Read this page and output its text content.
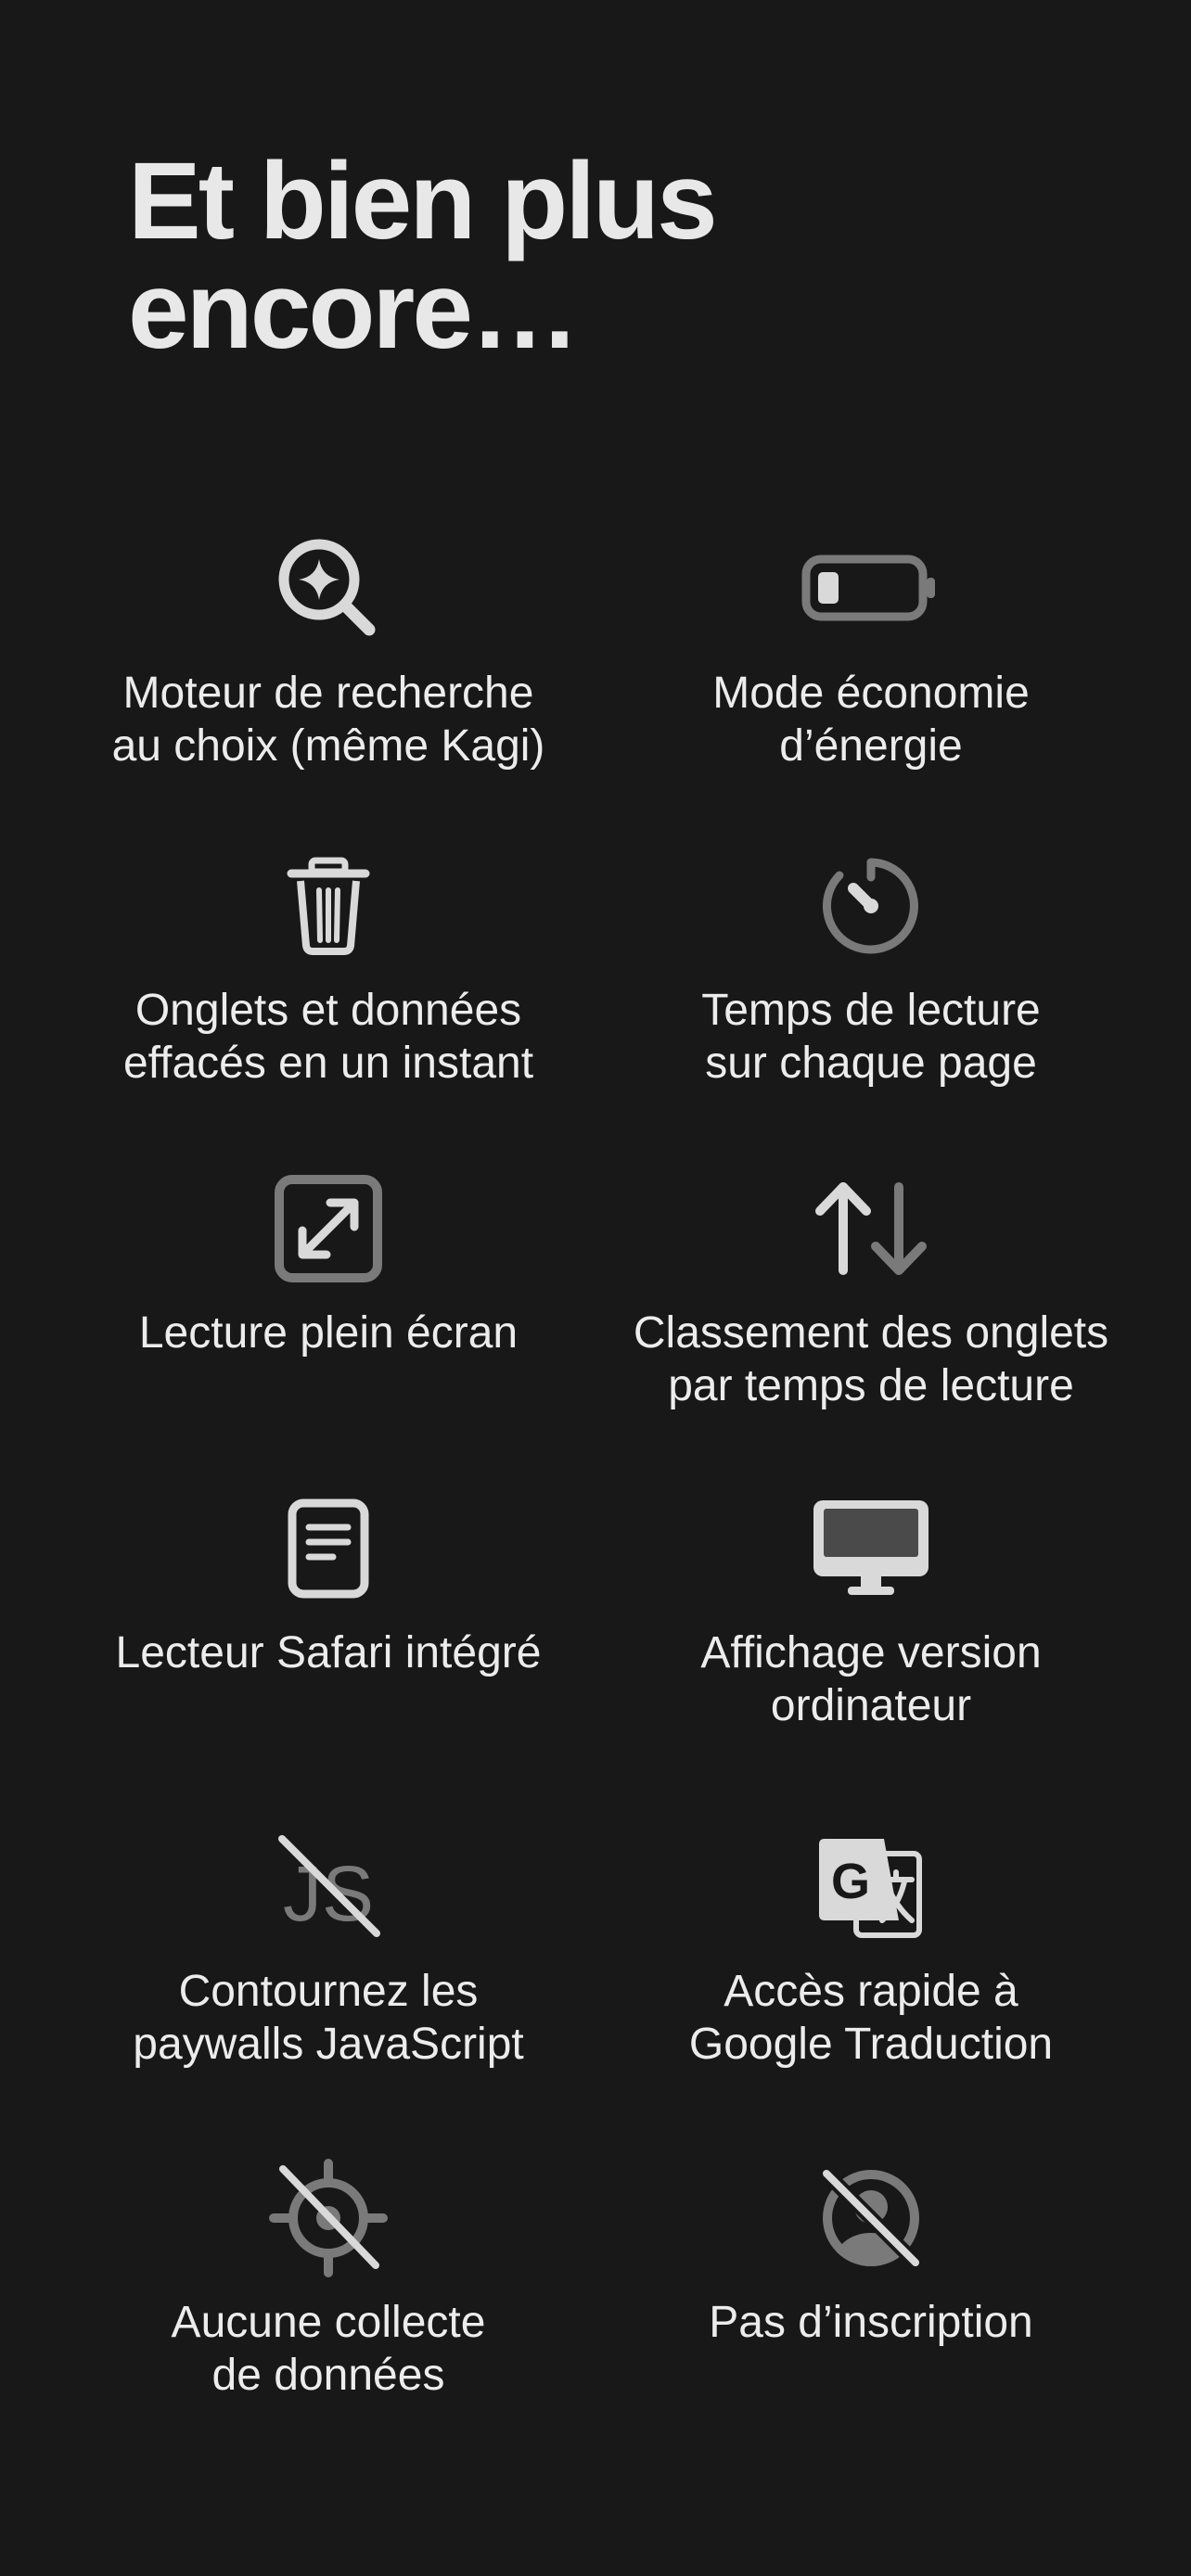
Et bien plus
encore…
Moteur de recherche
au choix (même Kagi)
Mode économie
d’énergie
Onglets et données
effacés en un instant
Temps de lecture
sur chaque page
Lecture plein écran	Classement des onglets
par temps de lecture
Lecteur Safari intégré	Affichage version
ordinateur
JS
Contournez les
paywalls JavaScript
G
Accès rapide à
Google Traduction
Aucune collecte
de données
Pas d’inscription
